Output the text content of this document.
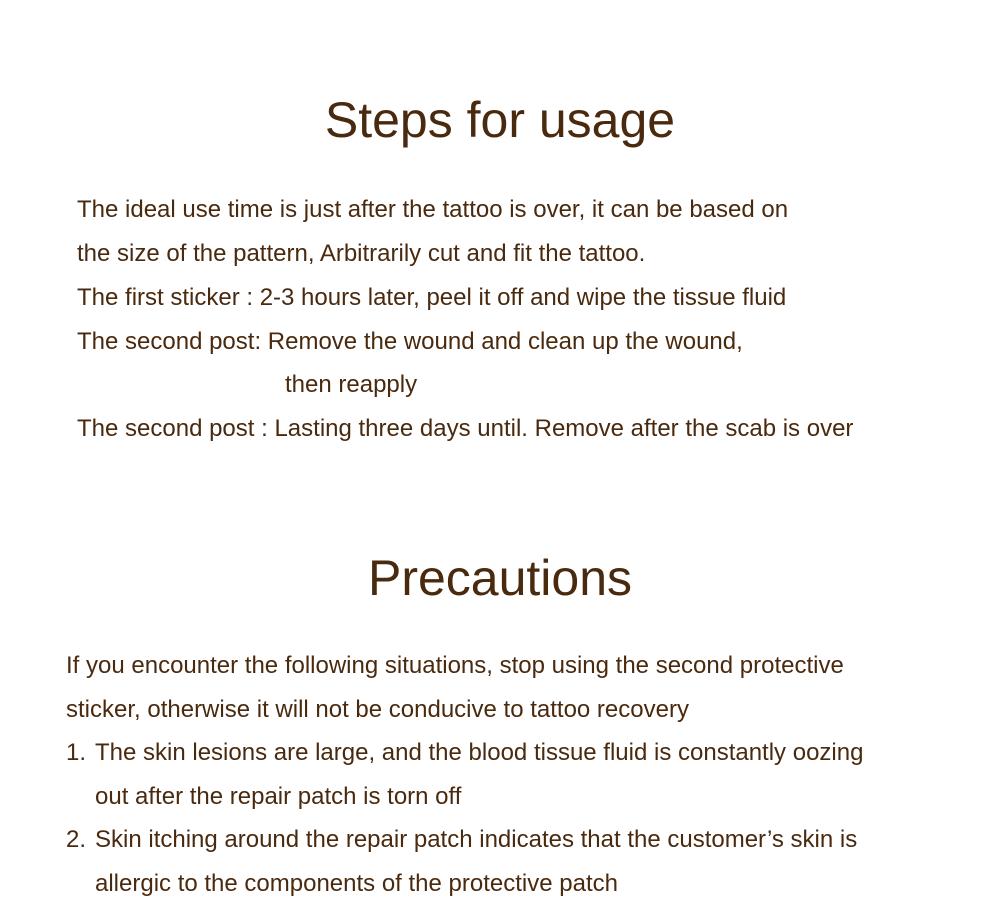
Steps for usage
The ideal use time is just after the tattoo is over, it can be based on
the size of the pattern, Arbitrarily cut and fit the tattoo.
The first sticker : 2-3 hours later, peel it off and wipe the tissue fluid
The second post: Remove the wound and clean up the wound,
then reapply
The second post : Lasting three days until. Remove after the scab is over
Precautions
If you encounter the following situations, stop using the second protective
sticker, otherwise it will not be conducive to tattoo recovery
1. The skin lesions are large, and the blood tissue fluid is constantly oozing
out after the repair patch is torn off
2. Skin itching around the repair patch indicates that the customer’s skin is
allergic to the components of the protective patch
